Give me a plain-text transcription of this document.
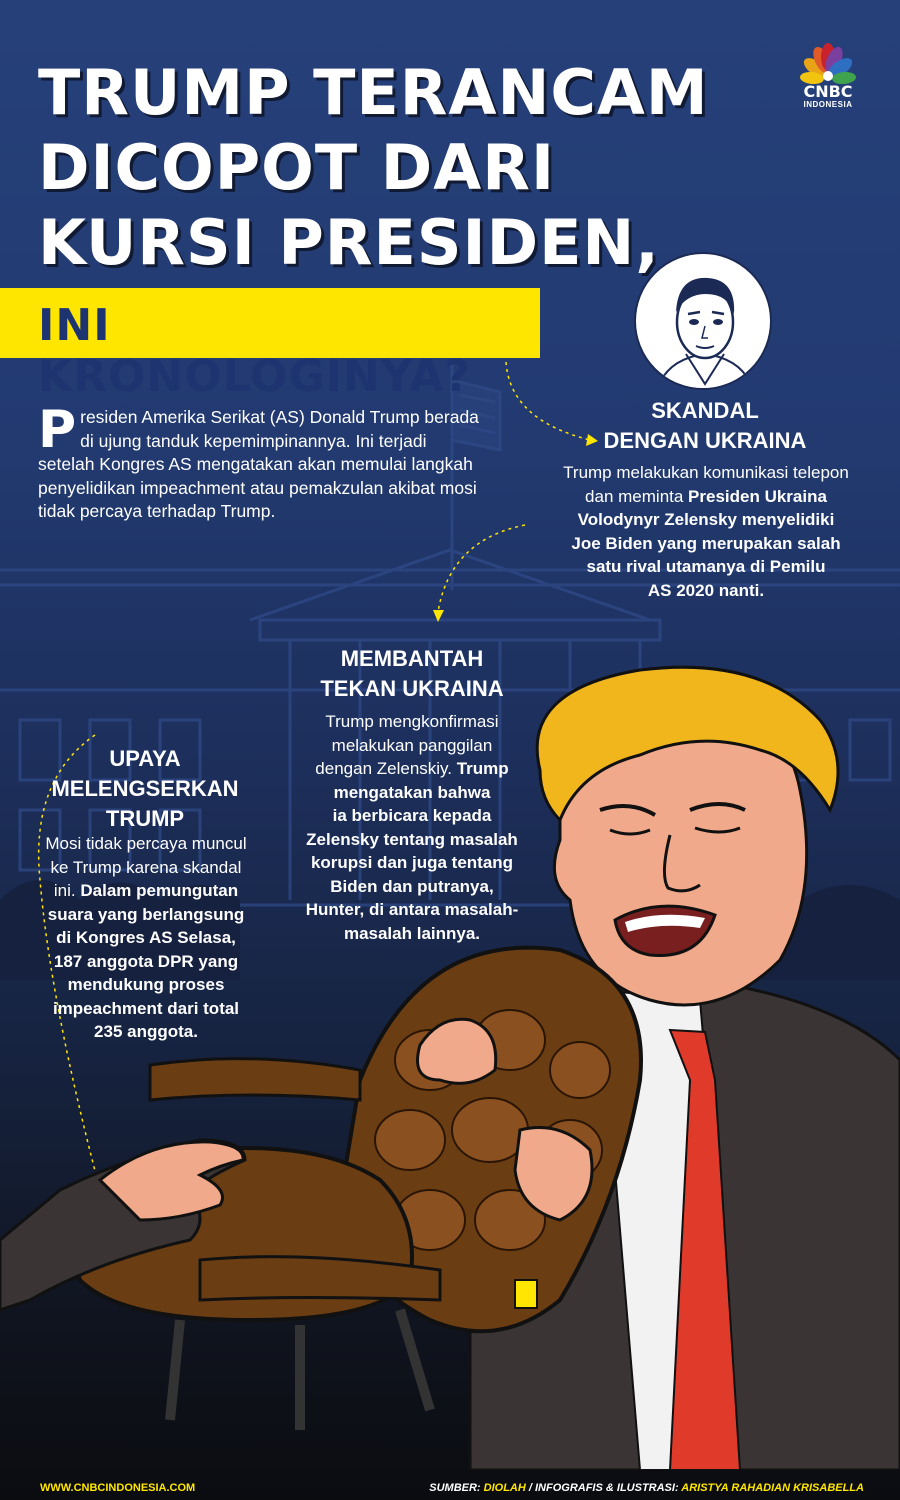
TRUMP TERANCAM
DICOPOT DARI
KURSI PRESIDEN,
INI KRONOLOGINYA?
CNBC
INDONESIA
P residen Amerika Serikat (AS) Donald Trump berada di ujung tanduk kepemimpinannya. Ini terjadi setelah Kongres AS mengatakan akan memulai langkah penyelidikan impeachment atau pemakzulan akibat mosi tidak percaya terhadap Trump.
SKANDAL
DENGAN UKRAINA
Trump melakukan komunikasi telepon
dan meminta Presiden Ukraina
Volodynyr Zelensky menyelidiki
Joe Biden yang merupakan salah
satu rival utamanya di Pemilu
AS 2020 nanti.
MEMBANTAH
TEKAN UKRAINA
Trump mengkonfirmasi
melakukan panggilan
dengan Zelenskiy. Trump
mengatakan bahwa
ia berbicara kepada
Zelensky tentang masalah
korupsi dan juga tentang
Biden dan putranya,
Hunter, di antara masalah-
masalah lainnya.
UPAYA
MELENGSERKAN
TRUMP
Mosi tidak percaya muncul
ke Trump karena skandal
ini. Dalam pemungutan
suara yang berlangsung
di Kongres AS Selasa,
187 anggota DPR yang
mendukung proses
impeachment dari total
235 anggota.
WWW.CNBCINDONESIA.COM	SUMBER: DIOLAH / INFOGRAFIS & ILUSTRASI: ARISTYA RAHADIAN KRISABELLA
